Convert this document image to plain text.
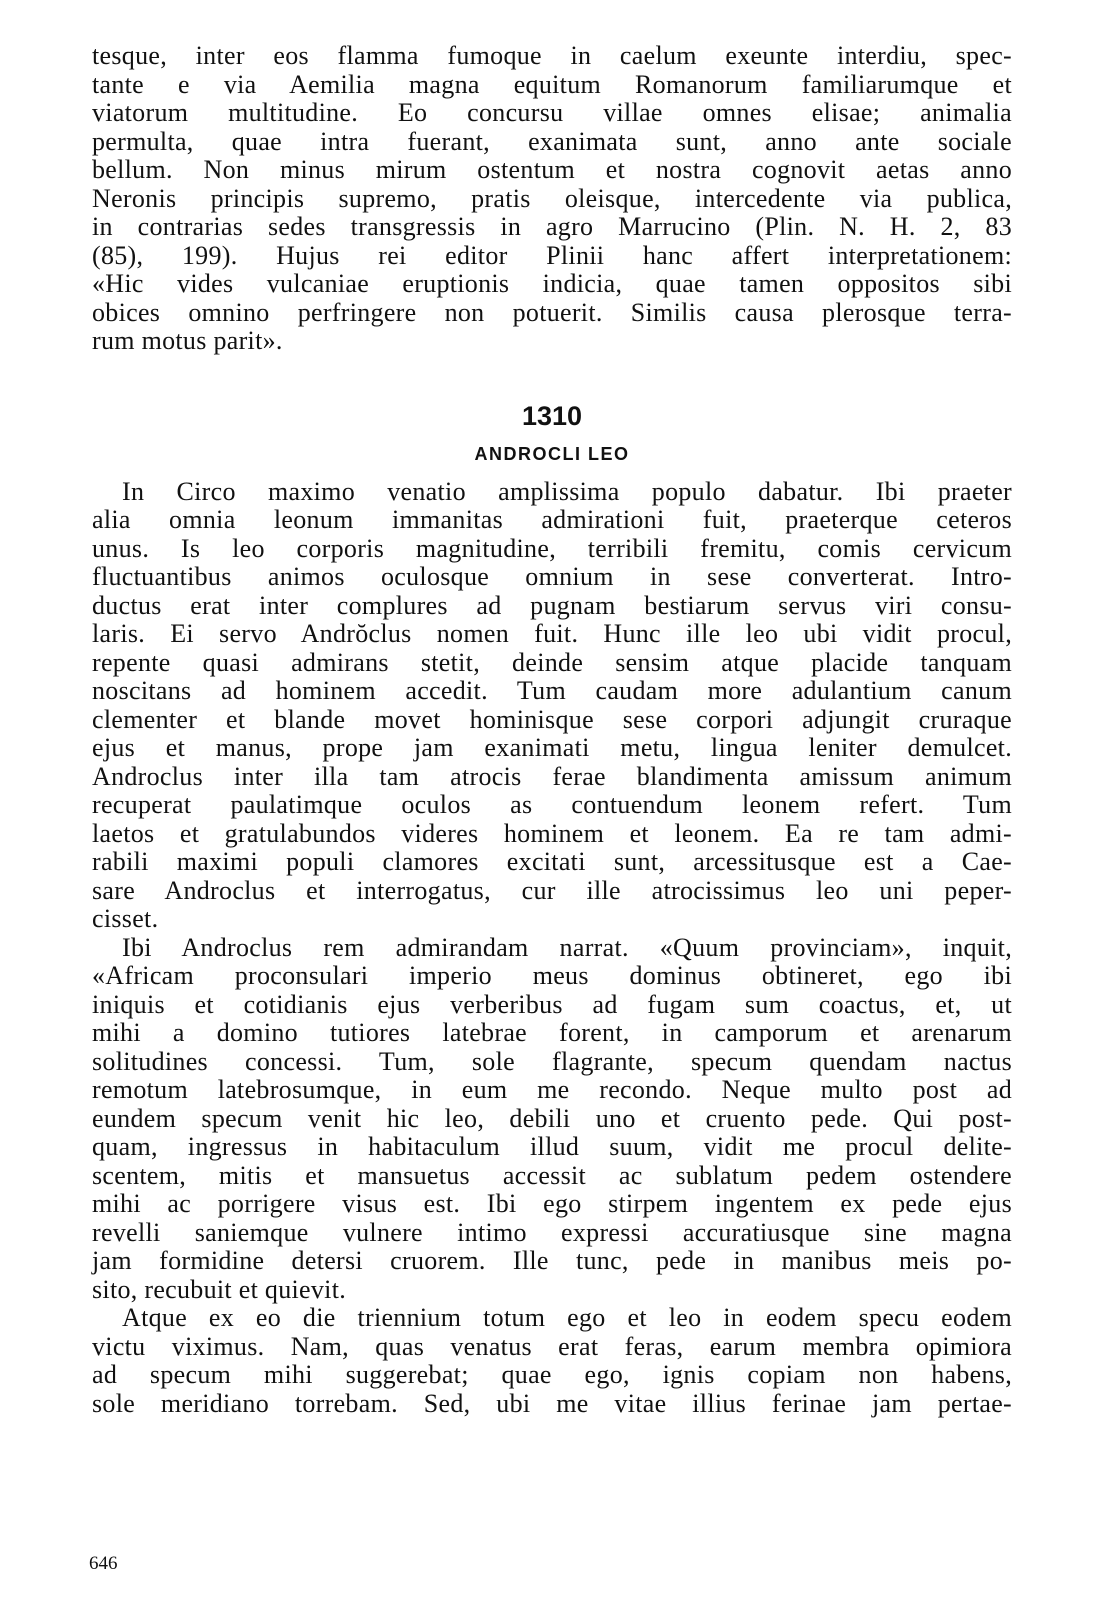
tesque, inter eos flamma fumoque in caelum exeunte interdiu, spec-
tante e via Aemilia magna equitum Romanorum familiarumque et
viatorum multitudine. Eo concursu villae omnes elisae; animalia
permulta, quae intra fuerant, exanimata sunt, anno ante sociale
bellum. Non minus mirum ostentum et nostra cognovit aetas anno
Neronis principis supremo, pratis oleisque, intercedente via publica,
in contrarias sedes transgressis in agro Marrucino (Plin. N. H. 2, 83
(85), 199). Hujus rei editor Plinii hanc affert interpretationem:
«Hic vides vulcaniae eruptionis indicia, quae tamen oppositos sibi
obices omnino perfringere non potuerit. Similis causa plerosque terra-
rum motus parit».
1310
ANDROCLI LEO
In Circo maximo venatio amplissima populo dabatur. Ibi praeter
alia omnia leonum immanitas admirationi fuit, praeterque ceteros
unus. Is leo corporis magnitudine, terribili fremitu, comis cervicum
fluctuantibus animos oculosque omnium in sese converterat. Intro-
ductus erat inter complures ad pugnam bestiarum servus viri consu-
laris. Ei servo Andrŏclus nomen fuit. Hunc ille leo ubi vidit procul,
repente quasi admirans stetit, deinde sensim atque placide tanquam
noscitans ad hominem accedit. Tum caudam more adulantium canum
clementer et blande movet hominisque sese corpori adjungit cruraque
ejus et manus, prope jam exanimati metu, lingua leniter demulcet.
Androclus inter illa tam atrocis ferae blandimenta amissum animum
recuperat paulatimque oculos as contuendum leonem refert. Tum
laetos et gratulabundos videres hominem et leonem. Ea re tam admi-
rabili maximi populi clamores excitati sunt, arcessitusque est a Cae-
sare Androclus et interrogatus, cur ille atrocissimus leo uni peper-
cisset.
Ibi Androclus rem admirandam narrat. «Quum provinciam», inquit,
«Africam proconsulari imperio meus dominus obtineret, ego ibi
iniquis et cotidianis ejus verberibus ad fugam sum coactus, et, ut
mihi a domino tutiores latebrae forent, in camporum et arenarum
solitudines concessi. Tum, sole flagrante, specum quendam nactus
remotum latebrosumque, in eum me recondo. Neque multo post ad
eundem specum venit hic leo, debili uno et cruento pede. Qui post-
quam, ingressus in habitaculum illud suum, vidit me procul delite-
scentem, mitis et mansuetus accessit ac sublatum pedem ostendere
mihi ac porrigere visus est. Ibi ego stirpem ingentem ex pede ejus
revelli saniemque vulnere intimo expressi accuratiusque sine magna
jam formidine detersi cruorem. Ille tunc, pede in manibus meis po-
sito, recubuit et quievit.
Atque ex eo die triennium totum ego et leo in eodem specu eodem
victu viximus. Nam, quas venatus erat feras, earum membra opimiora
ad specum mihi suggerebat; quae ego, ignis copiam non habens,
sole meridiano torrebam. Sed, ubi me vitae illius ferinae jam pertae-
646
